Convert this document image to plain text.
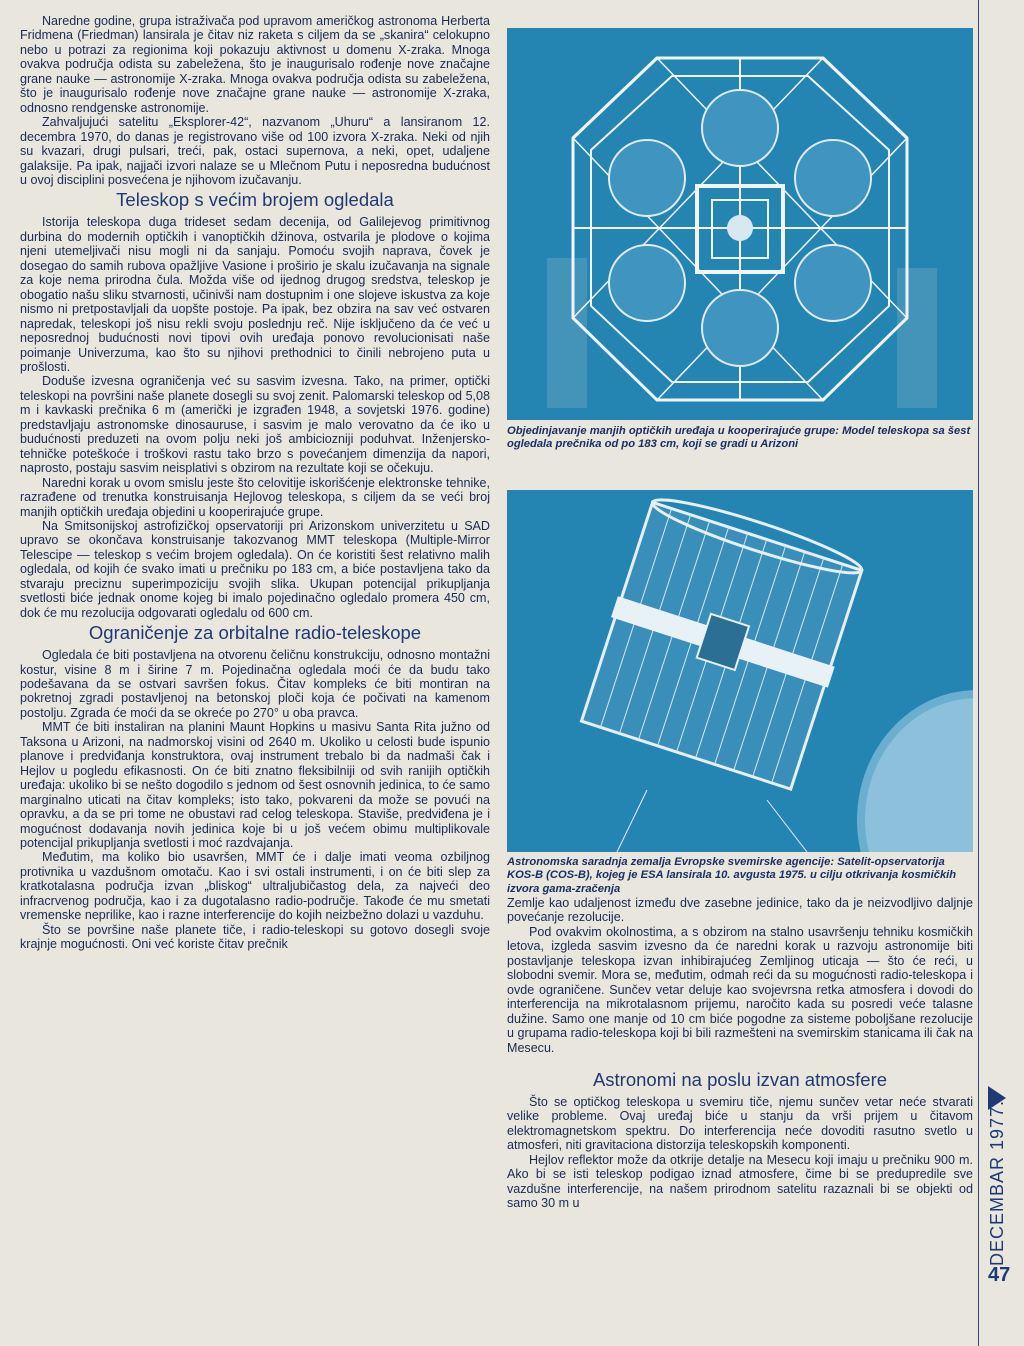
Naredne godine, grupa istraživača pod upravom američkog astronoma Herberta Fridmena (Friedman) lansirala je čitav niz raketa s ciljem da se „skanira“ celokupno nebo u potrazi za regionima koji pokazuju aktivnost u domenu X-zraka. Mnoga ovakva područja odista su zabeležena, što je inaugurisalo rođenje nove značajne grane nauke — astronomije X-zraka. Mnoga ovakva područja odista su zabeležena, što je inaugurisalo rođenje nove značajne grane nauke — astronomije X-zraka, odnosno rendgenske astronomije.

Zahvaljujući satelitu „Eksplorer-42“, nazvanom „Uhuru“ a lansiranom 12. decembra 1970, do danas je registrovano više od 100 izvora X-zraka. Neki od njih su kvazari, drugi pulsari, treći, pak, ostaci supernova, a neki, opet, udaljene galaksije. Pa ipak, najjači izvori nalaze se u Mlečnom Putu i neposredna budućnost u ovoj disciplini posvećena je njihovom izučavanju.

Teleskop s većim brojem ogledala

Istorija teleskopa duga trideset sedam decenija, od Galilejevog primitivnog durbina do modernih optičkih i vanoptičkih džinova, ostvarila je plodove o kojima njeni utemeljivači nisu mogli ni da sanjaju. Pomoću svojih naprava, čovek je dosegao do samih rubova opažljive Vasione i proširio je skalu izučavanja na signale za koje nema prirodna čula. Možda više od ijednog drugog sredstva, teleskop je obogatio našu sliku stvarnosti, učinivši nam dostupnim i one slojeve iskustva za koje nismo ni pretpostavljali da uopšte postoje. Pa ipak, bez obzira na sav već ostvaren napredak, teleskopi još nisu rekli svoju poslednju reč. Nije isključeno da će već u neposrednoj budućnosti novi tipovi ovih uređaja ponovo revolucionisati naše poimanje Univerzuma, kao što su njihovi prethodnici to činili nebrojeno puta u prošlosti.

Doduše izvesna ograničenja već su sasvim izvesna. Tako, na primer, optički teleskopi na površini naše planete dosegli su svoj zenit. Palomarski teleskop od 5,08 m i kavkaski prečnika 6 m (američki je izgrađen 1948, a sovjetski 1976. godine) predstavljaju astronomske dinosauruse, i sasvim je malo verovatno da će iko u budućnosti preduzeti na ovom polju neki još ambiciozniji poduhvat. Inženjersko-tehničke poteškoće i troškovi rastu tako brzo s povećanjem dimenzija da napori, naprosto, postaju sasvim neisplativi s obzirom na rezultate koji se očekuju.

Naredni korak u ovom smislu jeste što celovitije iskorišćenje elektronske tehnike, razrađene od trenutka konstruisanja Hejlovog teleskopa, s ciljem da se veći broj manjih optičkih uređaja objedini u kooperirajuće grupe.

Na Smitsonijskoj astrofizičkoj opservatoriji pri Arizonskom univerzitetu u SAD upravo se okončava konstruisanje takozvanog MMT teleskopa (Multiple-Mirror Telescipe — teleskop s većim brojem ogledala). On će koristiti šest relativno malih ogledala, od kojih će svako imati u prečniku po 183 cm, a biće postavljena tako da stvaraju preciznu superimpoziciju svojih slika. Ukupan potencijal prikupljanja svetlosti biće jednak onome kojeg bi imalo pojedinačno ogledalo promera 450 cm, dok će mu rezolucija odgovarati ogledalu od 600 cm.

Ograničenje za orbitalne radio-teleskope

Ogledala će biti postavljena na otvorenu čeličnu konstrukciju, odnosno montažni kostur, visine 8 m i širine 7 m. Pojedinačna ogledala moći će da budu tako podešavana da se ostvari savršen fokus. Čitav kompleks će biti montiran na pokretnoj zgradi postavljenoj na betonskoj ploči koja će počivati na kamenom postolju. Zgrada će moći da se okreće po 270° u oba pravca.

MMT će biti instaliran na planini Maunt Hopkins u masivu Santa Rita južno od Taksona u Arizoni, na nadmorskoj visini od 2640 m. Ukoliko u celosti bude ispunio planove i predviđanja konstruktora, ovaj instrument trebalo bi da nadmaši čak i Hejlov u pogledu efikasnosti. On će biti znatno fleksibilniji od svih ranijih optičkih uređaja: ukoliko bi se nešto dogodilo s jednom od šest osnovnih jedinica, to će samo marginalno uticati na čitav kompleks; isto tako, pokvareni da može se povući na opravku, a da se pri tome ne obustavi rad celog teleskopa. Staviše, predviđena je i mogućnost dodavanja novih jedinica koje bi u još većem obimu multiplikovale potencijal prikupljanja svetlosti i moć razdvajanja.

Međutim, ma koliko bio usavršen, MMT će i dalje imati veoma ozbiljnog protivnika u vazdušnom omotaču. Kao i svi ostali instrumenti, i on će biti slep za kratkotalasna područja izvan „bliskog“ ultraljubičastog dela, za najveći deo infracrvenog područja, kao i za dugotalasno radio-područje. Takođe će mu smetati vremenske neprilike, kao i razne interferencije do kojih neizbežno dolazi u vazduhu.

Što se površine naše planete tiče, i radio-teleskopi su gotovo dosegli svoje krajnje mogućnosti. Oni već koriste čitav prečnik

Objedinjavanje manjih optičkih uređaja u kooperirajuće grupe: Model teleskopa sa šest ogledala prečnika od po 183 cm, koji se gradi u Arizoni
Astronomska saradnja zemalja Evropske svemirske agencije: Satelit-opservatorija KOS-B (COS-B), kojeg je ESA lansirala 10. avgusta 1975. u cilju otkrivanja kosmičkih izvora gama-zračenja

Zemlje kao udaljenost između dve zasebne jedinice, tako da je neizvodljivo daljnje povećanje rezolucije.

Pod ovakvim okolnostima, a s obzirom na stalno usavršenju tehniku kosmičkih letova, izgleda sasvim izvesno da će naredni korak u razvoju astronomije biti postavljanje teleskopa izvan inhibirajućeg Zemljinog uticaja — što će reći, u slobodni svemir. Mora se, međutim, odmah reći da su mogućnosti radio-teleskopa i ovde ograničene. Sunčev vetar deluje kao svojevrsna retka atmosfera i dovodi do interferencija na mikrotalasnom prijemu, naročito kada su posredi veće talasne dužine. Samo one manje od 10 cm biće pogodne za sisteme poboljšane rezolucije u grupama radio-teleskopa koji bi bili razmešteni na svemirskim stanicama ili čak na Mesecu.

Astronomi na poslu izvan atmosfere

Što se optičkog teleskopa u svemiru tiče, njemu sunčev vetar neće stvarati velike probleme. Ovaj uređaj biće u stanju da vrši prijem u čitavom elektromagnetskom spektru. Do interferencija neće dovoditi rasutno svetlo u atmosferi, niti gravitaciona distorzija teleskopskih komponenti.

Hejlov reflektor može da otkrije detalje na Mesecu koji imaju u prečniku 900 m. Ako bi se isti teleskop podigao iznad atmosfere, čime bi se predupredile sve vazdušne interferencije, na našem prirodnom satelitu razaznali bi se objekti od samo 30 m u	DECEMBAR 1977.
47
